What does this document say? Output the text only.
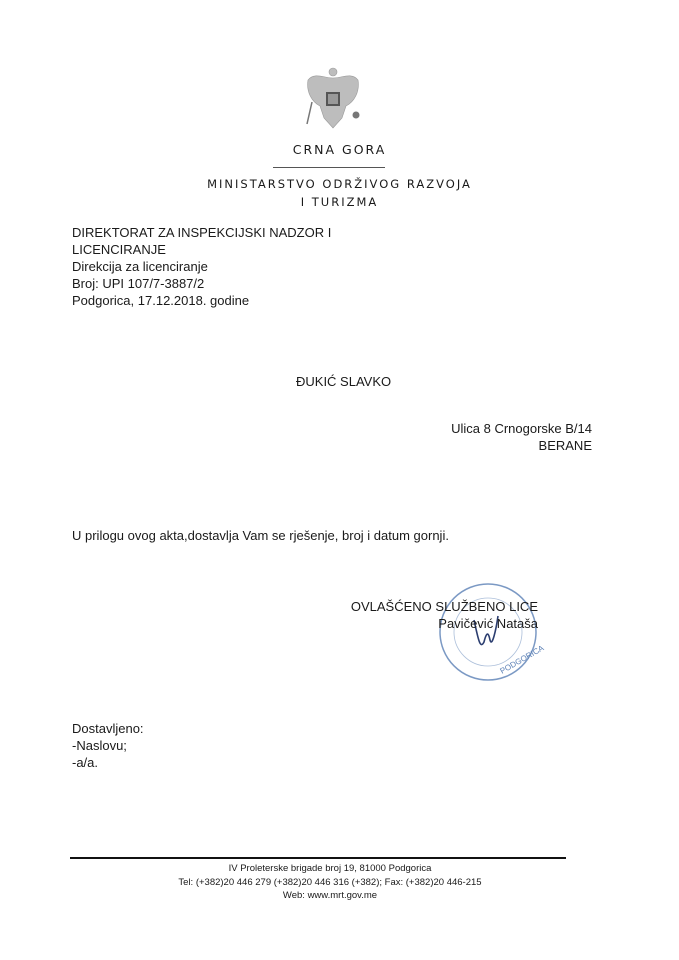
CRNA GORA
MINISTARSTVO ODRŽIVOG RAZVOJA
I TURIZMA
DIREKTORAT ZA INSPEKCIJSKI NADZOR I
LICENCIRANJE
Direkcija za licenciranje
Broj: UPI 107/7-3887/2
Podgorica, 17.12.2018. godine
ĐUKIĆ SLAVKO
Ulica 8 Crnogorske B/14
BERANE
U prilogu ovog akta,dostavlja Vam se rješenje, broj i datum gornji.
PODGORICA
OVLAŠĆENO SLUŽBENO LICE
Pavičević Nataša
Dostavljeno:
-Naslovu;
-a/a.
IV Proleterske brigade broj 19, 81000 Podgorica
Tel: (+382)20 446 279 (+382)20 446 316 (+382); Fax: (+382)20 446-215
Web: www.mrt.gov.me
